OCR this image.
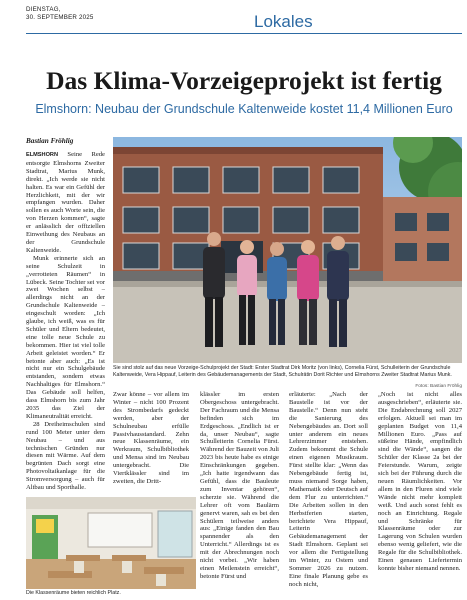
DIENSTAG,
30. SEPTEMBER 2025	Lokales
Das Klima-Vorzeigeprojekt ist fertig
Elmshorn: Neubau der Grundschule Kaltenweide kostet 11,4 Millionen Euro
Bastian Fröhlig

ELMSHORN Seine Rede entsorgte Elmshorns Zweiter Stadtrat, Marius Munk, direkt. „Ich werde sie nicht halten. Es war ein Gefühl der Herzlichkeit, mit der wir empfangen wurden. Daher sollen es auch Worte sein, die von Herzen kommen“, sagte er anlässlich der offiziellen Einweihung des Neubaus an der Grundschule Kaltenweide.

Munk erinnerte sich an seine Schulzeit in „verrotteten Räumen“ in Lübeck. Seine Tochter sei vor zwei Wochen selbst – allerdings nicht an der Grundschule Kaltenweide – eingeschult worden: „Ich glaube, ich weiß, was es für Schüler und Eltern bedeutet, eine tolle neue Schule zu bekommen. Hier ist viel tolle Arbeit geleistet worden.“ Er betonte aber auch: „Es ist nicht nur ein Schulgebäude entstanden, sondern etwas Nachhaltiges für Elmshorn.“ Das Gebäude soll helfen, dass Elmshorn bis zum Jahr 2035 das Ziel der Klimaneutralität erreicht.

28 Dreiheimschulen sind rund 100 Meter unter dem Neubau – und aus technischen Gründen nur diesen mit Wärme. Auf dem begrünten Dach sorgt eine Photovoltaikanlage für die Stromversorgung – auch für Altbau und Sporthalle.

Sie sind stolz auf das neue Vorzeige-Schulprojekt der Stadt: Erster Stadtrat Dirk Moritz (von links), Cornelia Fürst, Schulleiterin der Grundschule Kaltenweide, Vera Hippauf, Leiterin des Gebäudemanagements der Stadt, Schulrätin Dorit Richter und Elmshorns Zweiter Stadtrat Marius Munk.
Fotos: Bastian Fröhlig

Zwar könne – vor allem im Winter – nicht 100 Prozent des Strombedarfs gedeckt werden, aber der Schulneubau erfülle Passivhausstandard. Zehn neue Klassenräume, ein Werkraum, Schulbibliothek und Mensa sind im Neubau untergebracht. Die Viertklässler sind im zweiten, die Dritt-

klässler im ersten Obergeschoss untergebracht. Der Fachraum und die Mensa befinden sich im Erdgeschoss. „Endlich ist er da, unser Neubau“, sagte Schulleiterin Cornelia Fürst. Während der Bauzeit von Juli 2023 bis heute habe es einige Einschränkungen gegeben. „Ich hatte irgendwann das Gefühl, dass die Bauleute zum Inventar gehören“, scherzte sie. Während die Lehrer oft vom Baulärm genervt waren, sah es bei den Schülern teilweise anders aus: „Einige fanden den Bau spannender als den Unterricht.“ Allerdings ist es mit der Abrechnungen noch nicht vorbei. „Wir haben einen Meilenstein erreicht“, betonte Fürst und

erläuterte: „Nach der Baustelle ist vor der Baustelle.“ Denn nun steht die Sanierung des Nebengebäudes an. Dort soll unter anderem ein neues Lehrerzimmer entstehen. Zudem bekommt die Schule einen eigenen Musikraum. Fürst stellte klar: „Wenn das Nebengebäude fertig ist, muss niemand Sorge haben, Mathematik oder Deutsch auf dem Flur zu unterrichten.“ Die Arbeiten sollen in den Herbstferien starten, berichtete Vera Hippauf, Leiterin Gebäudemanagement der Stadt Elmshorn. Geplant sei vor allem die Fertigstellung im Winter, zu Ostern und Sommer 2026 zu nutzen. Eine finale Planung gebe es noch nicht,

„Noch ist nicht alles ausgeschrieben“, erläuterte sie. Die Endabrechnung soll 2027 erfolgen. Aktuell sei man im geplanten Budget von 11,4 Millionen Euro. „Pass auf süßeine Hände, empfindlich sind die Wände“, sangen die Schüler der Klasse 2a bei der Feierstunde. Warum, zeigte sich bei der Führung durch die neuen Räumlichkeiten. Vor allem in den Fluren sind viele Wände nicht mehr komplett weiß. Und auch sonst fehlt es noch an Einrichtung. Regale und Schränke für Klassenräume oder zur Lagerung von Schulen wurden ebenso wenig geliefert, wie die Regale für die Schulbibliothek. Einen genauen Liefertermin konnte bisher niemand nennen.

Die Klassenräume bieten reichlich Platz.
